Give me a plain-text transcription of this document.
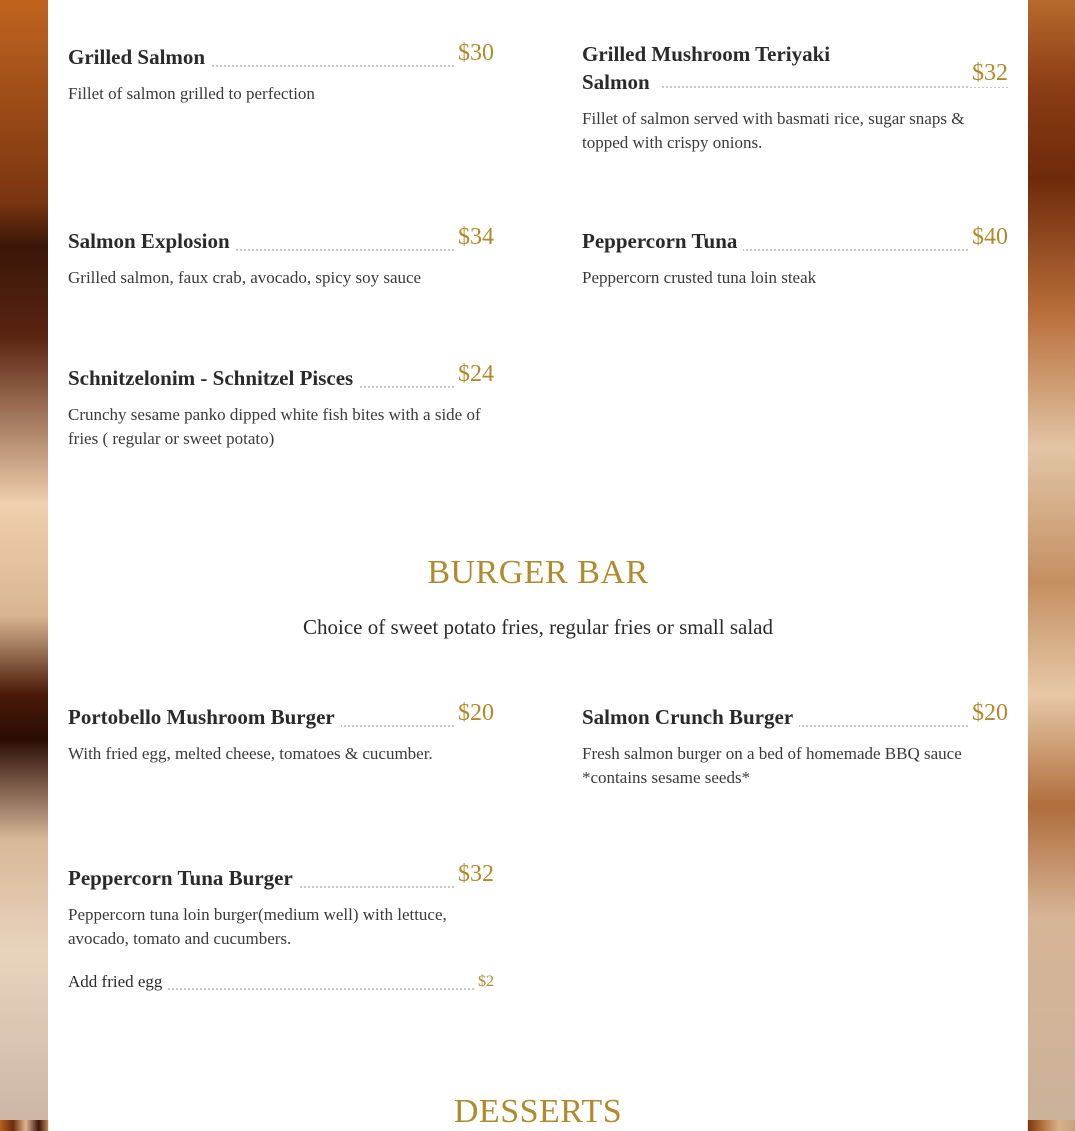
Grilled Salmon	$30
Fillet of salmon grilled to perfection
Grilled Mushroom Teriyaki
Salmon	$32
Fillet of salmon served with basmati rice, sugar snaps & topped with crispy onions.
Salmon Explosion	$34
Grilled salmon, faux crab, avocado, spicy soy sauce
Peppercorn Tuna	$40
Peppercorn crusted tuna loin steak
Schnitzelonim - Schnitzel Pisces	$24
Crunchy sesame panko dipped white fish bites with a side of fries ( regular or sweet potato)
BURGER BAR
Choice of sweet potato fries, regular fries or small salad
Portobello Mushroom Burger	$20
With fried egg, melted cheese, tomatoes & cucumber.
Salmon Crunch Burger	$20
Fresh salmon burger on a bed of homemade BBQ sauce *contains sesame seeds*
Peppercorn Tuna Burger	$32
Peppercorn tuna loin burger(medium well) with lettuce, avocado, tomato and cucumbers.
Add fried egg	$2
DESSERTS
